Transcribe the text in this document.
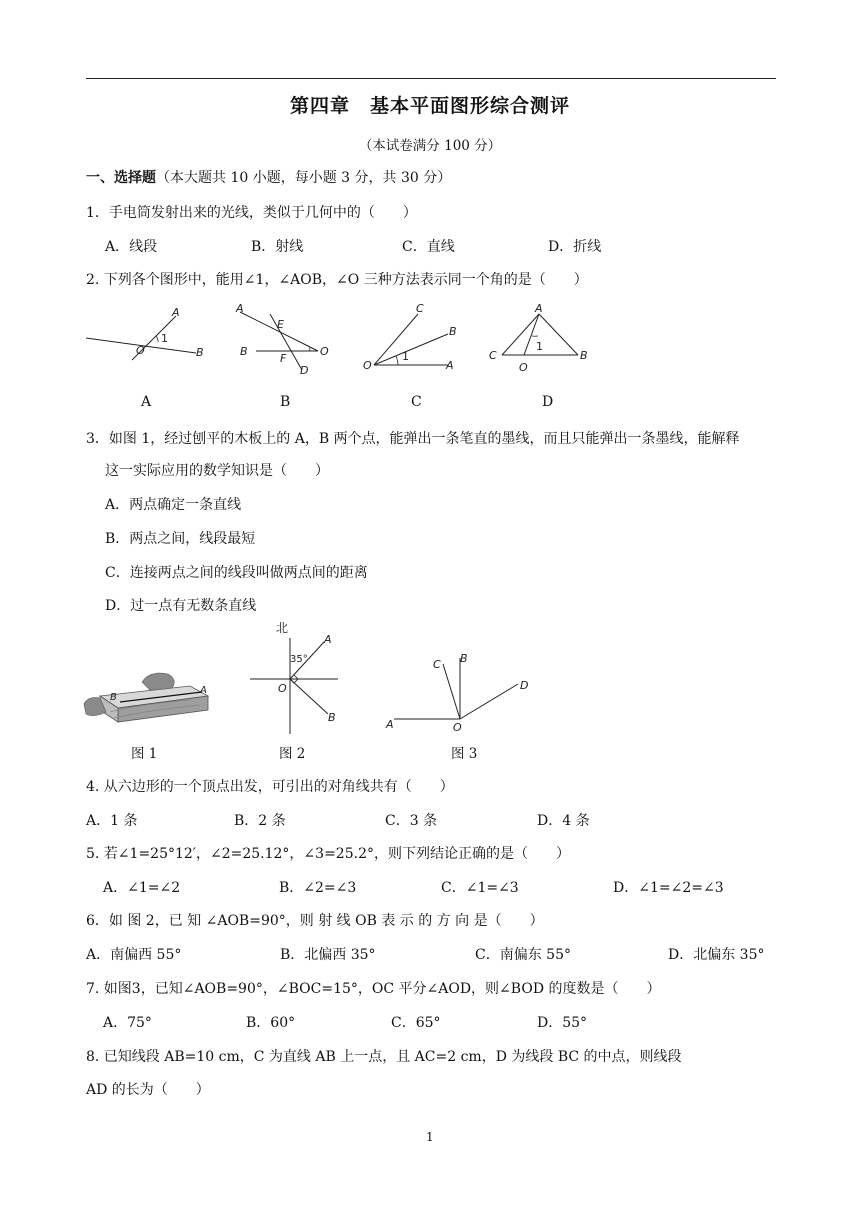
第四章　基本平面图形综合测评
（本试卷满分 100 分）
一、选择题（本大题共 10 小题，每小题 3 分，共 30 分）
1．手电筒发射出来的光线，类似于几何中的（　　）
A．线段	B．射线	C．直线	D．折线
2. 下列各个图形中，能用∠1，∠AOB，∠O 三种方法表示同一个角的是（　　）
A
1
O	B
A
E
B
F
D
O
C
B
O
1
A
A
C
1
B
O
A	B	C	D
3．如图 1，经过刨平的木板上的 A，B 两个点，能弹出一条笔直的墨线，而且只能弹出一条墨线，能解释
这一实际应用的数学知识是（　　）
A．两点确定一条直线
B．两点之间，线段最短
C．连接两点之间的线段叫做两点间的距离
D．过一点有无数条直线
B
A
北
35°
A
O
B
C B
D
A	O
图 1	图 2	图 3
4. 从六边形的一个顶点出发，可引出的对角线共有（　　）
A．1 条	B．2 条	C．3 条	D．4 条
5. 若∠1=25°12′，∠2=25.12°，∠3=25.2°，则下列结论正确的是（　　）
A．∠1=∠2	B．∠2=∠3	C．∠1=∠3	D．∠1=∠2=∠3
6．如 图 2，已 知 ∠AOB=90°，则 射 线 OB 表 示 的 方 向 是（　　）
A．南偏西 55°	B．北偏西 35°	C．南偏东 55°	D．北偏东 35°
7. 如图3，已知∠AOB=90°，∠BOC=15°，OC 平分∠AOD，则∠BOD 的度数是（　　）
A．75°	B．60°	C．65°	D．55°
8. 已知线段 AB=10 cm，C 为直线 AB 上一点，且 AC=2 cm，D 为线段 BC 的中点，则线段
AD 的长为（　　）
1
